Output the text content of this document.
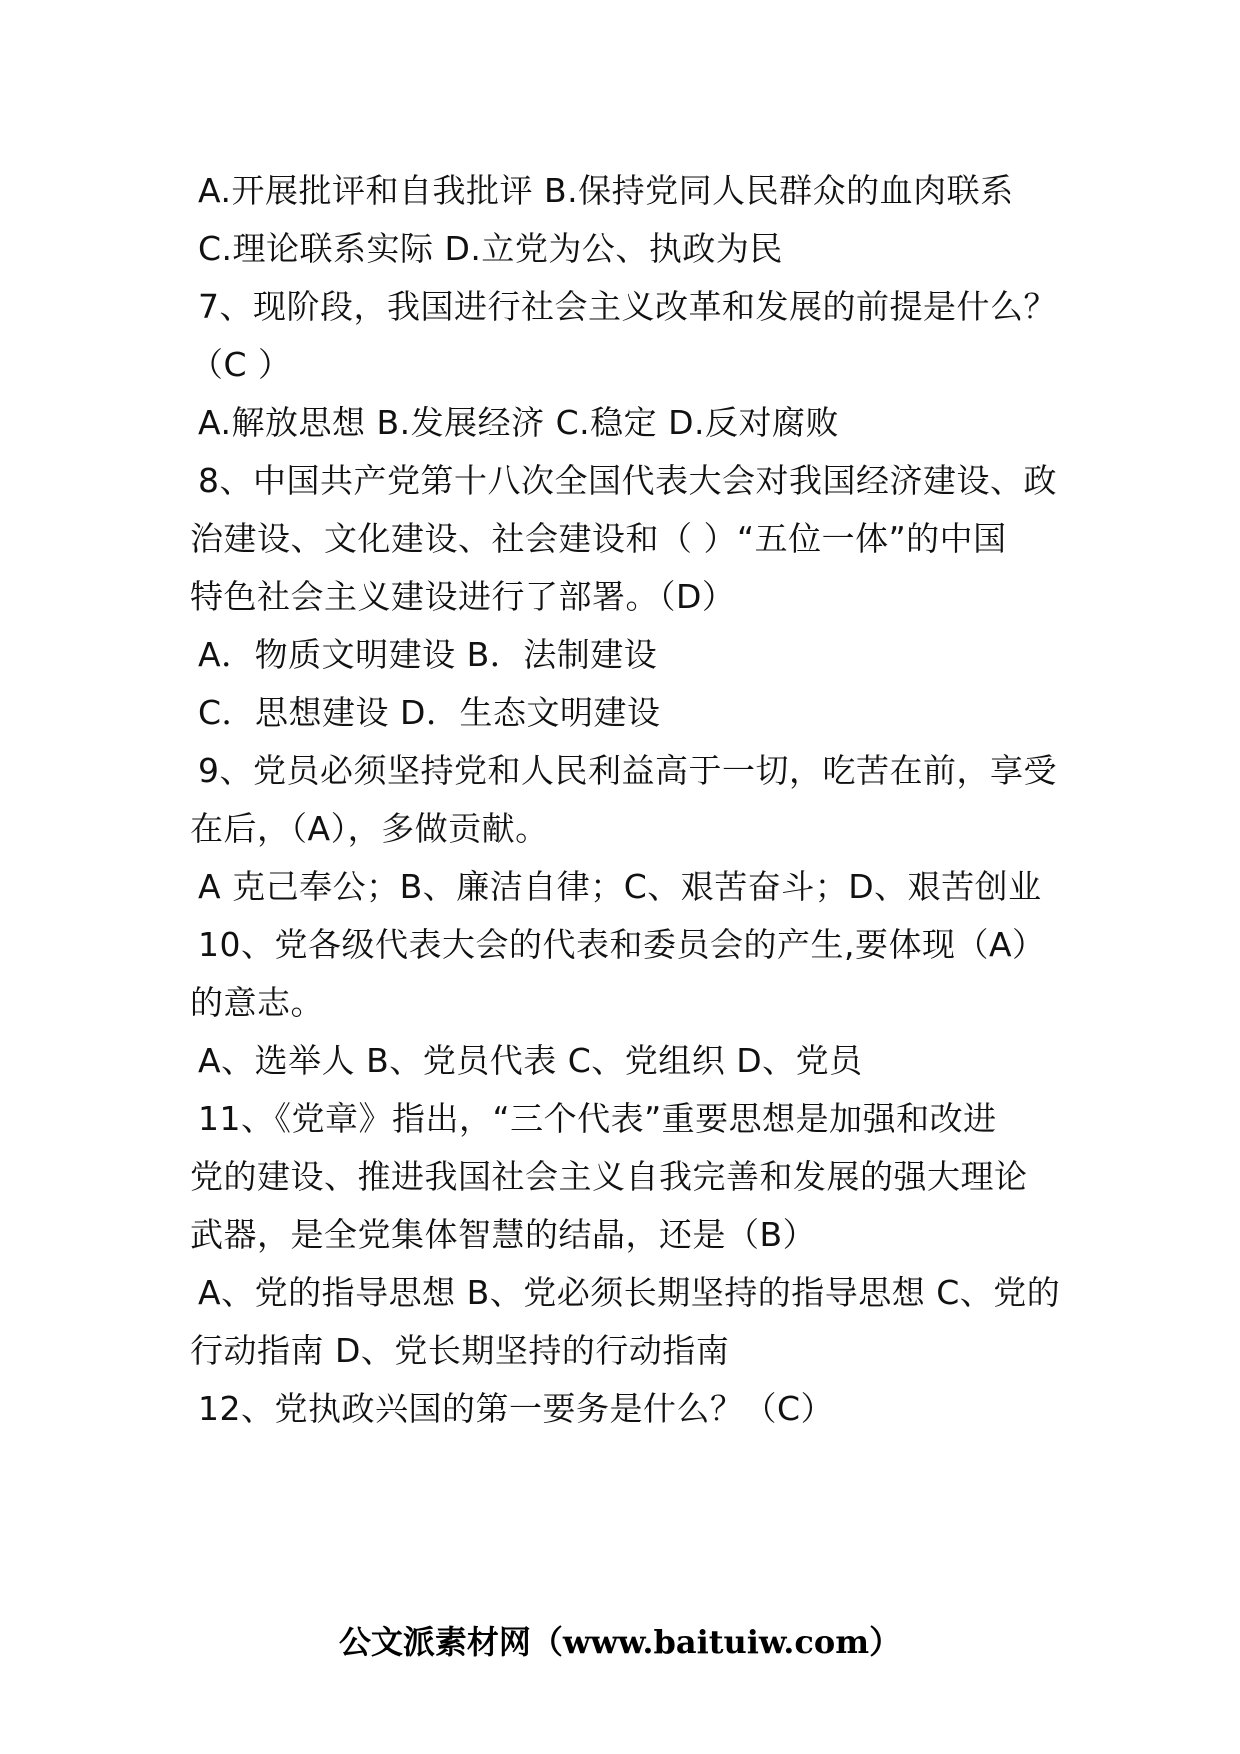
A.开展批评和自我批评 B.保持党同人民群众的血肉联系
C.理论联系实际 D.立党为公、执政为民
7、现阶段，我国进行社会主义改革和发展的前提是什么？
（C ）
A.解放思想 B.发展经济 C.稳定 D.反对腐败
8、中国共产党第十八次全国代表大会对我国经济建设、政
治建设、文化建设、社会建设和（ ）“五位一体”的中国
特色社会主义建设进行了部署。（D）
A．物质文明建设 B．法制建设
C．思想建设 D．生态文明建设
9、党员必须坚持党和人民利益高于一切，吃苦在前，享受
在后，（A），多做贡献。
A 克己奉公；B、廉洁自律；C、艰苦奋斗；D、艰苦创业
10、党各级代表大会的代表和委员会的产生,要体现（A）
的意志。
A、选举人 B、党员代表 C、党组织 D、党员
11、《党章》指出，“三个代表”重要思想是加强和改进
党的建设、推进我国社会主义自我完善和发展的强大理论
武器，是全党集体智慧的结晶，还是（B）
A、党的指导思想 B、党必须长期坚持的指导思想 C、党的
行动指南 D、党长期坚持的行动指南
12、党执政兴国的第一要务是什么？（C）
公文派素材网（www.baituiw.com）
